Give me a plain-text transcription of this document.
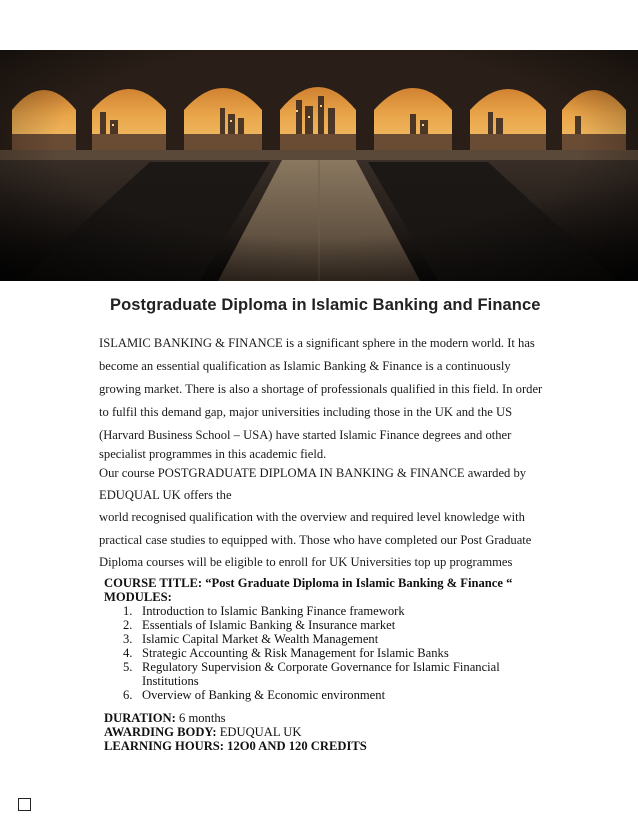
Postgraduate Diploma in Islamic Banking and Finance
ISLAMIC BANKING & FINANCE is a significant sphere in the modern world. It has
become an essential qualification as Islamic Banking & Finance is a continuously
growing market. There is also a shortage of professionals qualified in this field. In order
to fulfil this demand gap, major universities including those in the UK and the US
(Harvard Business School – USA) have started Islamic Finance degrees and other
specialist programmes in this academic field.
Our course POSTGRADUATE DIPLOMA IN BANKING & FINANCE awarded by
EDUQUAL UK offers the
world recognised qualification with the overview and required level knowledge with
practical case studies to equipped with. Those who have completed our Post Graduate
Diploma courses will be eligible to enroll for UK Universities top up programmes
COURSE TITLE: “Post Graduate Diploma in Islamic Banking & Finance “
MODULES:
1. Introduction to Islamic Banking Finance framework
2. Essentials of Islamic Banking & Insurance market
3. Islamic Capital Market & Wealth Management
4. Strategic Accounting & Risk Management for Islamic Banks
5. Regulatory Supervision & Corporate Governance for Islamic Financial Institutions
6. Overview of Banking & Economic environment
DURATION: 6 months
AWARDING BODY: EDUQUAL UK
LEARNING HOURS: 12O0 AND 120 CREDITS
